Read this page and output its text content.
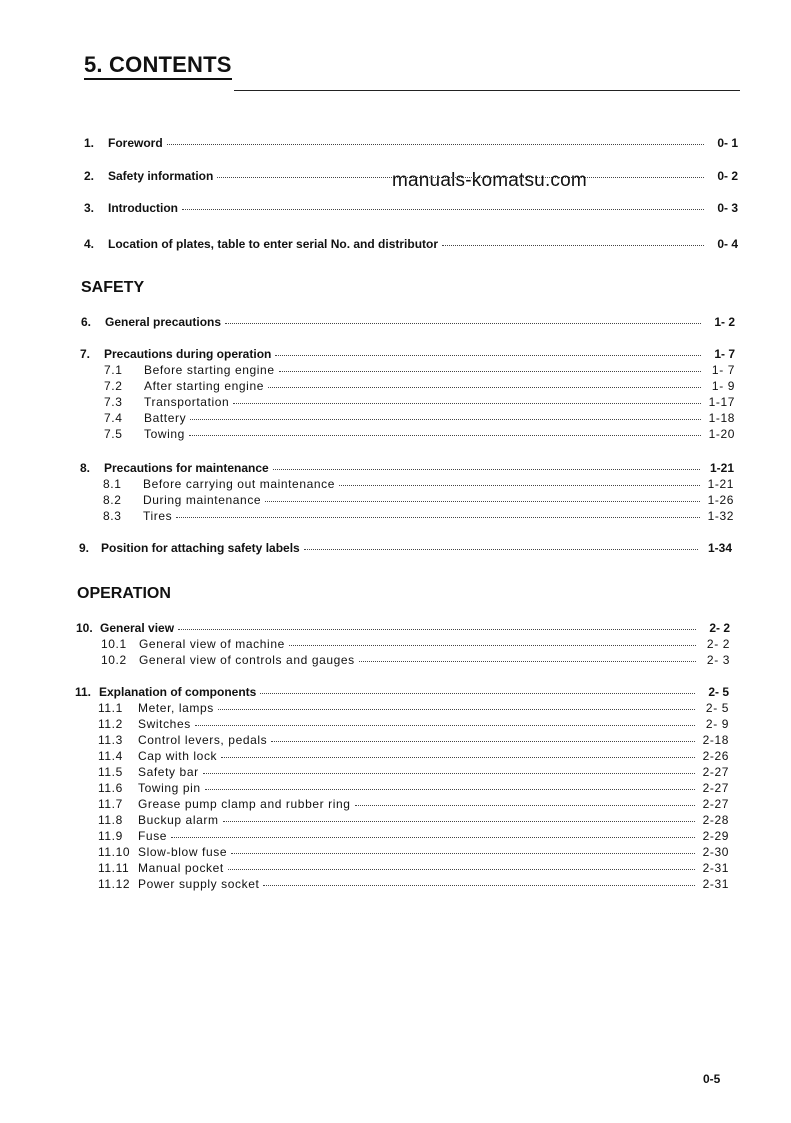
5. CONTENTS
manuals-komatsu.com
1.	Foreword	0- 1
2.	Safety information	0- 2
3.	Introduction	0- 3
4.	Location of plates, table to enter serial No. and distributor	0- 4
SAFETY
6.	General precautions	1- 2
7.	Precautions during operation	1- 7
7.1	Before starting engine	1- 7
7.2	After starting engine	1- 9
7.3	Transportation	1-17
7.4	Battery	1-18
7.5	Towing	1-20
8.	Precautions for maintenance	1-21
8.1	Before carrying out maintenance	1-21
8.2	During maintenance	1-26
8.3	Tires	1-32
9. Position for attaching safety labels	1-34
OPERATION
10. General view	2- 2
10.1	General view of machine	2- 2
10.2	General view of controls and gauges	2- 3
11. Explanation of components	2- 5
11.1	Meter, lamps	2- 5
11.2	Switches	2- 9
11.3	Control levers, pedals	2-18
11.4	Cap with lock	2-26
11.5	Safety bar	2-27
11.6	Towing pin	2-27
11.7	Grease pump clamp and rubber ring	2-27
11.8	Buckup alarm	2-28
11.9	Fuse	2-29
11.10 Slow-blow fuse	2-30
11.11 Manual pocket	2-31
11.12 Power supply socket	2-31
0-5
